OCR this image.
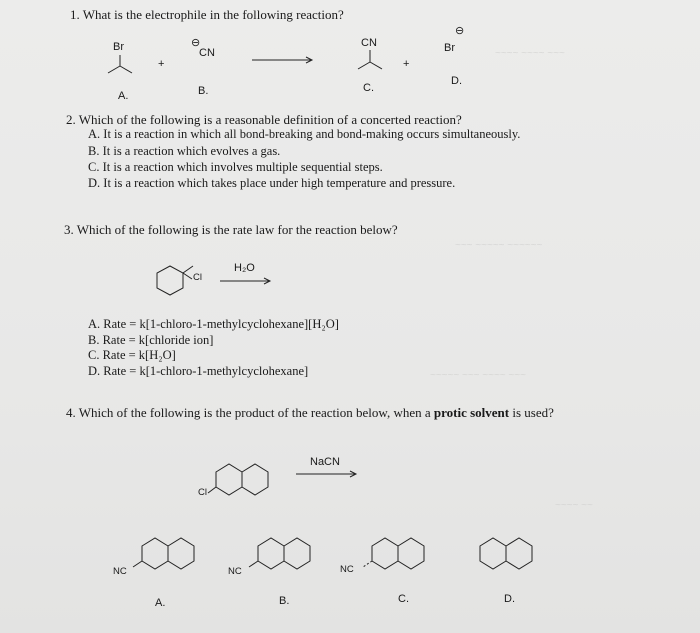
~~~~ ~~~~ ~~~
~~~ ~~~~~ ~~~~~~
~~~~~ ~~~ ~~~~ ~~~
~~~~ ~~
1. What is the electrophile in the following reaction?
Br
+
⊖
CN
CN
+
⊖
Br
A.	B.	C.
D.
2. Which of the following is a reasonable definition of a concerted reaction?
A. It is a reaction in which all bond-breaking and bond-making occurs simultaneously.
B. It is a reaction which evolves a gas.
C. It is a reaction which involves multiple sequential steps.
D. It is a reaction which takes place under high temperature and pressure.
3. Which of the following is the rate law for the reaction below?
Cl
H₂O
A. Rate = k[1-chloro-1-methylcyclohexane][H₂O]
B. Rate = k[chloride ion]
C. Rate = k[H₂O]
D. Rate = k[1-chloro-1-methylcyclohexane]
4. Which of the following is the product of the reaction below, when a protic solvent is used?
Cl
NaCN
NC	NC	NC
A.	B.	C.	D.
